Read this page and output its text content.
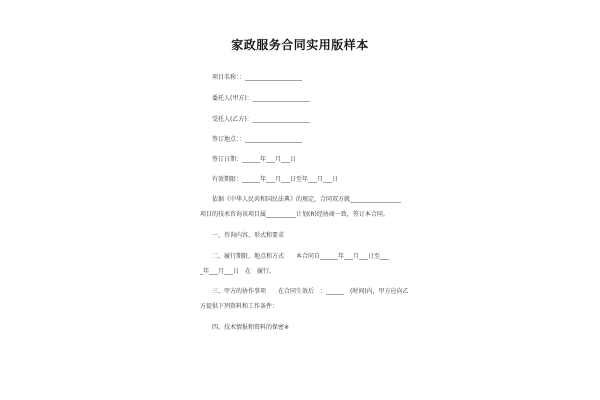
家政服务合同实用版样本
项目名称：：___________________
委托人(甲方)：___________________
受托人(乙方)：___________________
签订地点：：___________________
签订日期：______年___月___日
有效期限：______年___月___日至年___月___日
依据《中华人民共和国民法典》的规定，合同双方就_________________
项目的技术咨询该项目属__________计划(R)经协商一致，签订本合同。
一、咨询内容、形式和要求
二、履行期限、地点和方式　　本合同自______年___月___日至___
_年___月___日　在　履行。
三、甲方的协作事项　　在合同生效后　：______　(时间)内，甲方应向乙
方提供下列资料和工作条件：
四、技术情报和资料的保密※
